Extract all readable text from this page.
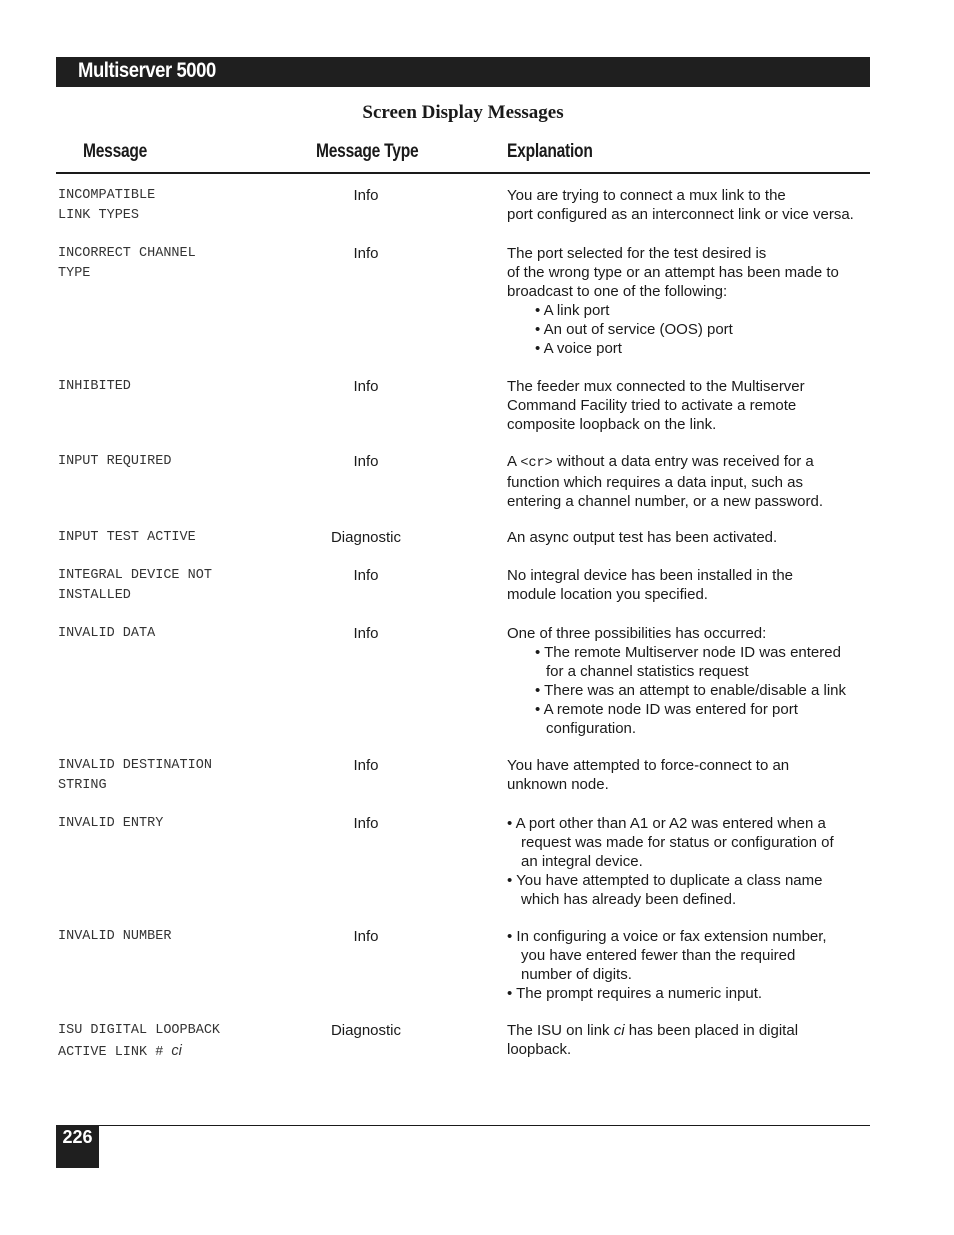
Multiserver 5000
Screen Display Messages
Message	Message Type	Explanation
INCOMPATIBLE
LINK TYPES
Info	You are trying to connect a mux link to the
port configured as an interconnect link or vice versa.
INCORRECT CHANNEL
TYPE
Info	The port selected for the test desired is
of the wrong type or an attempt has been made to
broadcast to one of the following:
• A link port
• An out of service (OOS) port
• A voice port
INHIBITED	Info	The feeder mux connected to the Multiserver
Command Facility tried to activate a remote
composite loopback on the link.
INPUT REQUIRED	Info	A <cr> without a data entry was received for a
function which requires a data input, such as
entering a channel number, or a new password.
INPUT TEST ACTIVE	Diagnostic	An async output test has been activated.
INTEGRAL DEVICE NOT
INSTALLED
Info	No integral device has been installed in the
module location you specified.
INVALID DATA	Info	One of three possibilities has occurred:
• The remote Multiserver node ID was entered
for a channel statistics request
• There was an attempt to enable/disable a link
• A remote node ID was entered for port
configuration.
INVALID DESTINATION
STRING
Info	You have attempted to force-connect to an
unknown node.
INVALID ENTRY	Info	• A port other than A1 or A2 was entered when a
request was made for status or configuration of
an integral device.
• You have attempted to duplicate a class name
which has already been defined.
INVALID NUMBER	Info	• In configuring a voice or fax extension number,
you have entered fewer than the required
number of digits.
• The prompt requires a numeric input.
ISU DIGITAL LOOPBACK
ACTIVE LINK # ci
Diagnostic	The ISU on link ci has been placed in digital
loopback.
226
